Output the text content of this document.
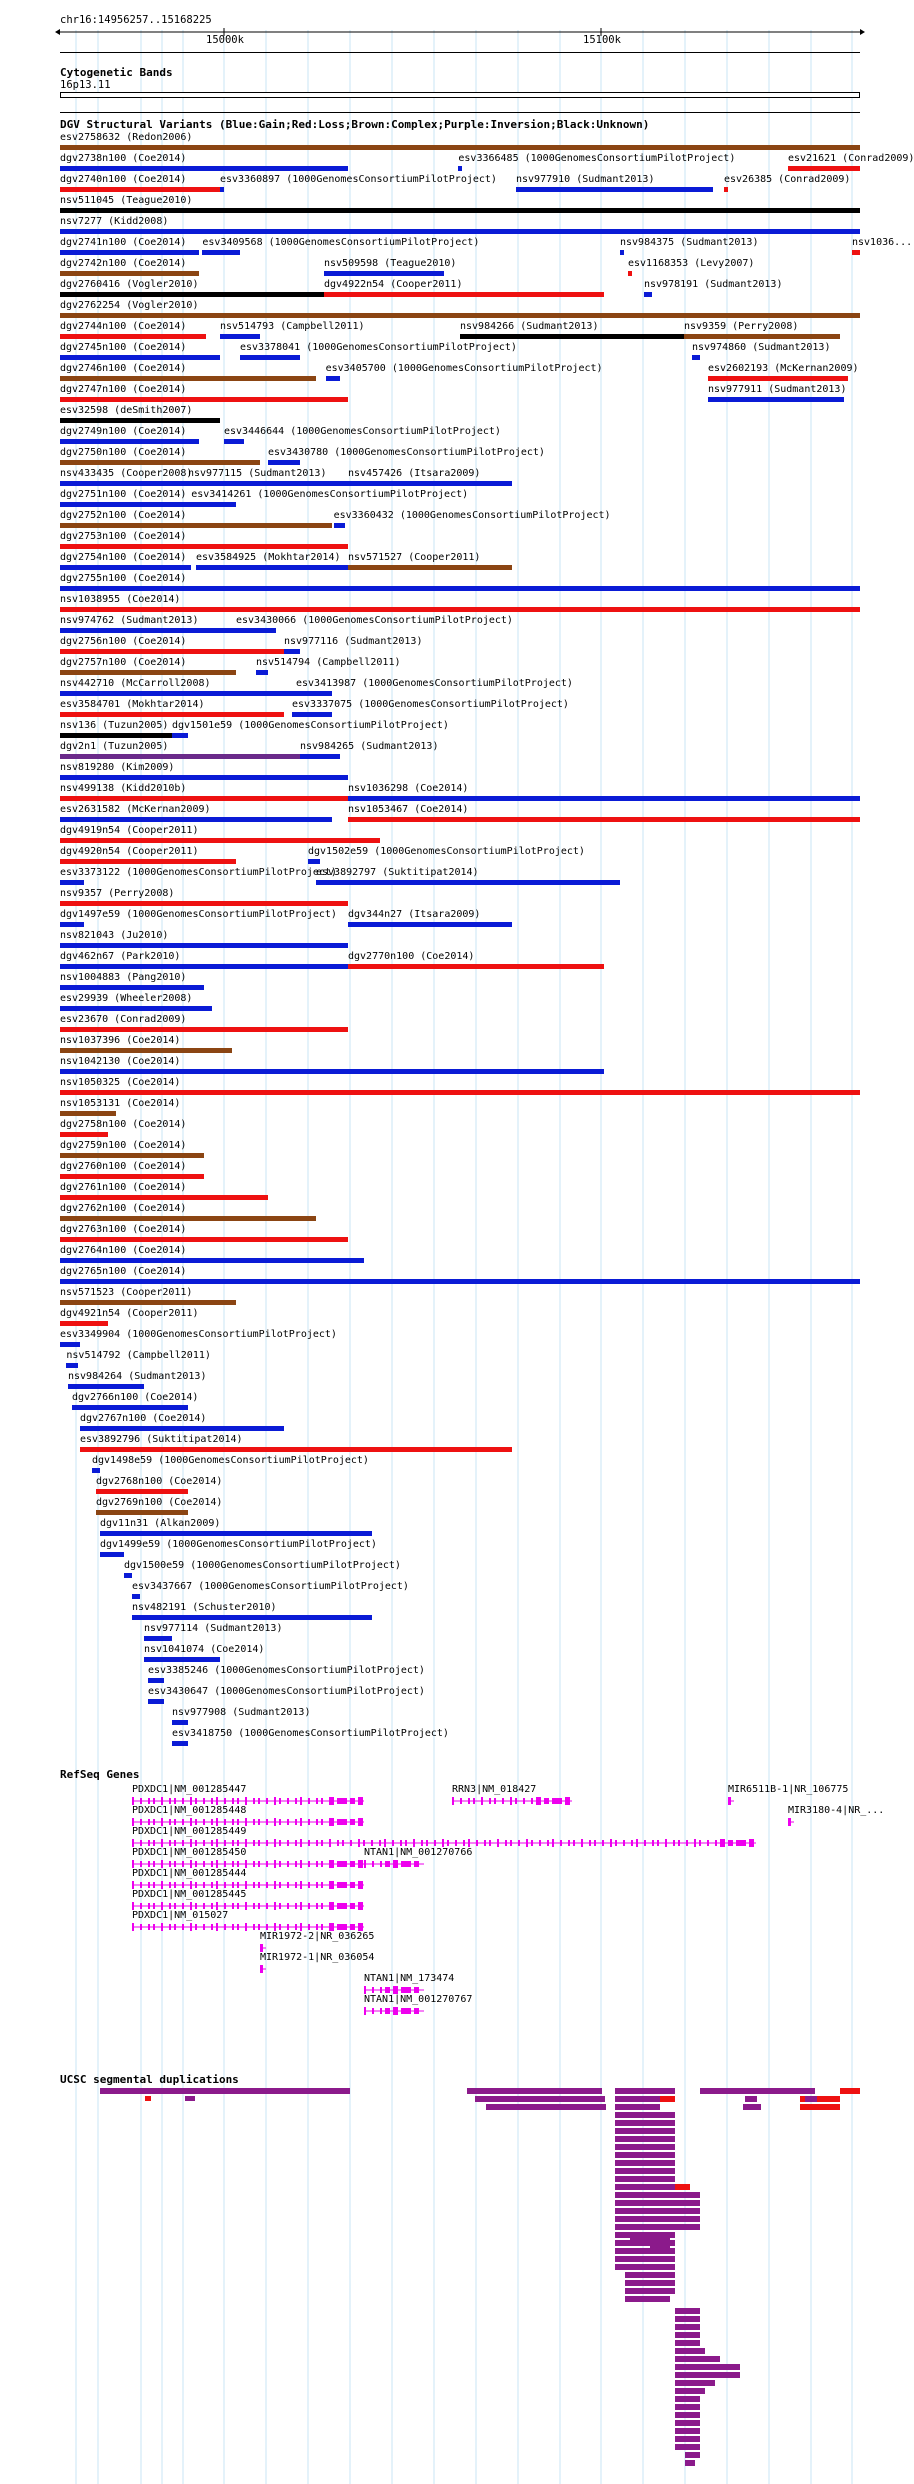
chr16:14956257..15168225
15000k	15100k
Cytogenetic Bands
16p13.11
DGV Structural Variants (Blue:Gain;Red:Loss;Brown:Complex;Purple:Inversion;Black:Unknown)
esv2758632 (Redon2006)
dgv2738n100 (Coe2014)	esv3366485 (1000GenomesConsortiumPilotProject)	esv21621 (Conrad2009)
dgv2740n100 (Coe2014)	esv3360897 (1000GenomesConsortiumPilotProject) nsv977910 (Sudmant2013)	esv26385 (Conrad2009)
nsv511045 (Teague2010)
nsv7277 (Kidd2008)
dgv2741n100 (Coe2014) esv3409568 (1000GenomesConsortiumPilotProject)	nsv984375 (Sudmant2013)	nsv1036...
dgv2742n100 (Coe2014)	nsv509598 (Teague2010)	esv1168353 (Levy2007)
dgv2760416 (Vogler2010)	dgv4922n54 (Cooper2011)	nsv978191 (Sudmant2013)
dgv2762254 (Vogler2010)
dgv2744n100 (Coe2014)	nsv514793 (Campbell2011)	nsv984266 (Sudmant2013)	nsv9359 (Perry2008)
dgv2745n100 (Coe2014)	esv3378041 (1000GenomesConsortiumPilotProject)	nsv974860 (Sudmant2013)
dgv2746n100 (Coe2014)	esv3405700 (1000GenomesConsortiumPilotProject)	esv2602193 (McKernan2009)
dgv2747n100 (Coe2014)	nsv977911 (Sudmant2013)
esv32598 (deSmith2007)
dgv2749n100 (Coe2014)	esv3446644 (1000GenomesConsortiumPilotProject)
dgv2750n100 (Coe2014)	esv3430780 (1000GenomesConsortiumPilotProject)
nsv433435 (Cooper2008)
nsv977115 (Sudmant2013) nsv457426 (Itsara2009)
dgv2751n100 (Coe2014) esv3414261 (1000GenomesConsortiumPilotProject)
dgv2752n100 (Coe2014)	esv3360432 (1000GenomesConsortiumPilotProject)
dgv2753n100 (Coe2014)
dgv2754n100 (Coe2014) esv3584925 (Mokhtar2014) nsv571527 (Cooper2011)
dgv2755n100 (Coe2014)
nsv1038955 (Coe2014)
nsv974762 (Sudmant2013)	esv3430066 (1000GenomesConsortiumPilotProject)
dgv2756n100 (Coe2014)	nsv977116 (Sudmant2013)
dgv2757n100 (Coe2014)	nsv514794 (Campbell2011)
nsv442710 (McCarroll2008)	esv3413987 (1000GenomesConsortiumPilotProject)
esv3584701 (Mokhtar2014)	esv3337075 (1000GenomesConsortiumPilotProject)
nsv136 (Tuzun2005) dgv1501e59 (1000GenomesConsortiumPilotProject)
dgv2n1 (Tuzun2005)	nsv984265 (Sudmant2013)
nsv819280 (Kim2009)
nsv499138 (Kidd2010b)	nsv1036298 (Coe2014)
esv2631582 (McKernan2009)	nsv1053467 (Coe2014)
dgv4919n54 (Cooper2011)
dgv4920n54 (Cooper2011)	dgv1502e59 (1000GenomesConsortiumPilotProject)
esv3373122 (1000GenomesConsortiumPilotProject)
esv3892797 (Suktitipat2014)
nsv9357 (Perry2008)
dgv1497e59 (1000GenomesConsortiumPilotProject) dgv344n27 (Itsara2009)
nsv821043 (Ju2010)
dgv462n67 (Park2010)	dgv2770n100 (Coe2014)
nsv1004883 (Pang2010)
esv29939 (Wheeler2008)
esv23670 (Conrad2009)
nsv1037396 (Coe2014)
nsv1042130 (Coe2014)
nsv1050325 (Coe2014)
nsv1053131 (Coe2014)
dgv2758n100 (Coe2014)
dgv2759n100 (Coe2014)
dgv2760n100 (Coe2014)
dgv2761n100 (Coe2014)
dgv2762n100 (Coe2014)
dgv2763n100 (Coe2014)
dgv2764n100 (Coe2014)
dgv2765n100 (Coe2014)
nsv571523 (Cooper2011)
dgv4921n54 (Cooper2011)
esv3349904 (1000GenomesConsortiumPilotProject)
nsv514792 (Campbell2011)
nsv984264 (Sudmant2013)
dgv2766n100 (Coe2014)
dgv2767n100 (Coe2014)
esv3892796 (Suktitipat2014)
dgv1498e59 (1000GenomesConsortiumPilotProject)
dgv2768n100 (Coe2014)
dgv2769n100 (Coe2014)
dgv11n31 (Alkan2009)
dgv1499e59 (1000GenomesConsortiumPilotProject)
dgv1500e59 (1000GenomesConsortiumPilotProject)
esv3437667 (1000GenomesConsortiumPilotProject)
nsv482191 (Schuster2010)
nsv977114 (Sudmant2013)
nsv1041074 (Coe2014)
esv3385246 (1000GenomesConsortiumPilotProject)
esv3430647 (1000GenomesConsortiumPilotProject)
nsv977908 (Sudmant2013)
esv3418750 (1000GenomesConsortiumPilotProject)
RefSeq Genes
PDXDC1|NM_001285447	RRN3|NM_018427	MIR6511B-1|NR_106775
PDXDC1|NM_001285448	MIR3180-4|NR_...
PDXDC1|NM_001285449
PDXDC1|NM_001285450	NTAN1|NM_001270766
PDXDC1|NM_001285444
PDXDC1|NM_001285445
PDXDC1|NM_015027
MIR1972-2|NR_036265
MIR1972-1|NR_036054
NTAN1|NM_173474
NTAN1|NM_001270767
UCSC segmental duplications
